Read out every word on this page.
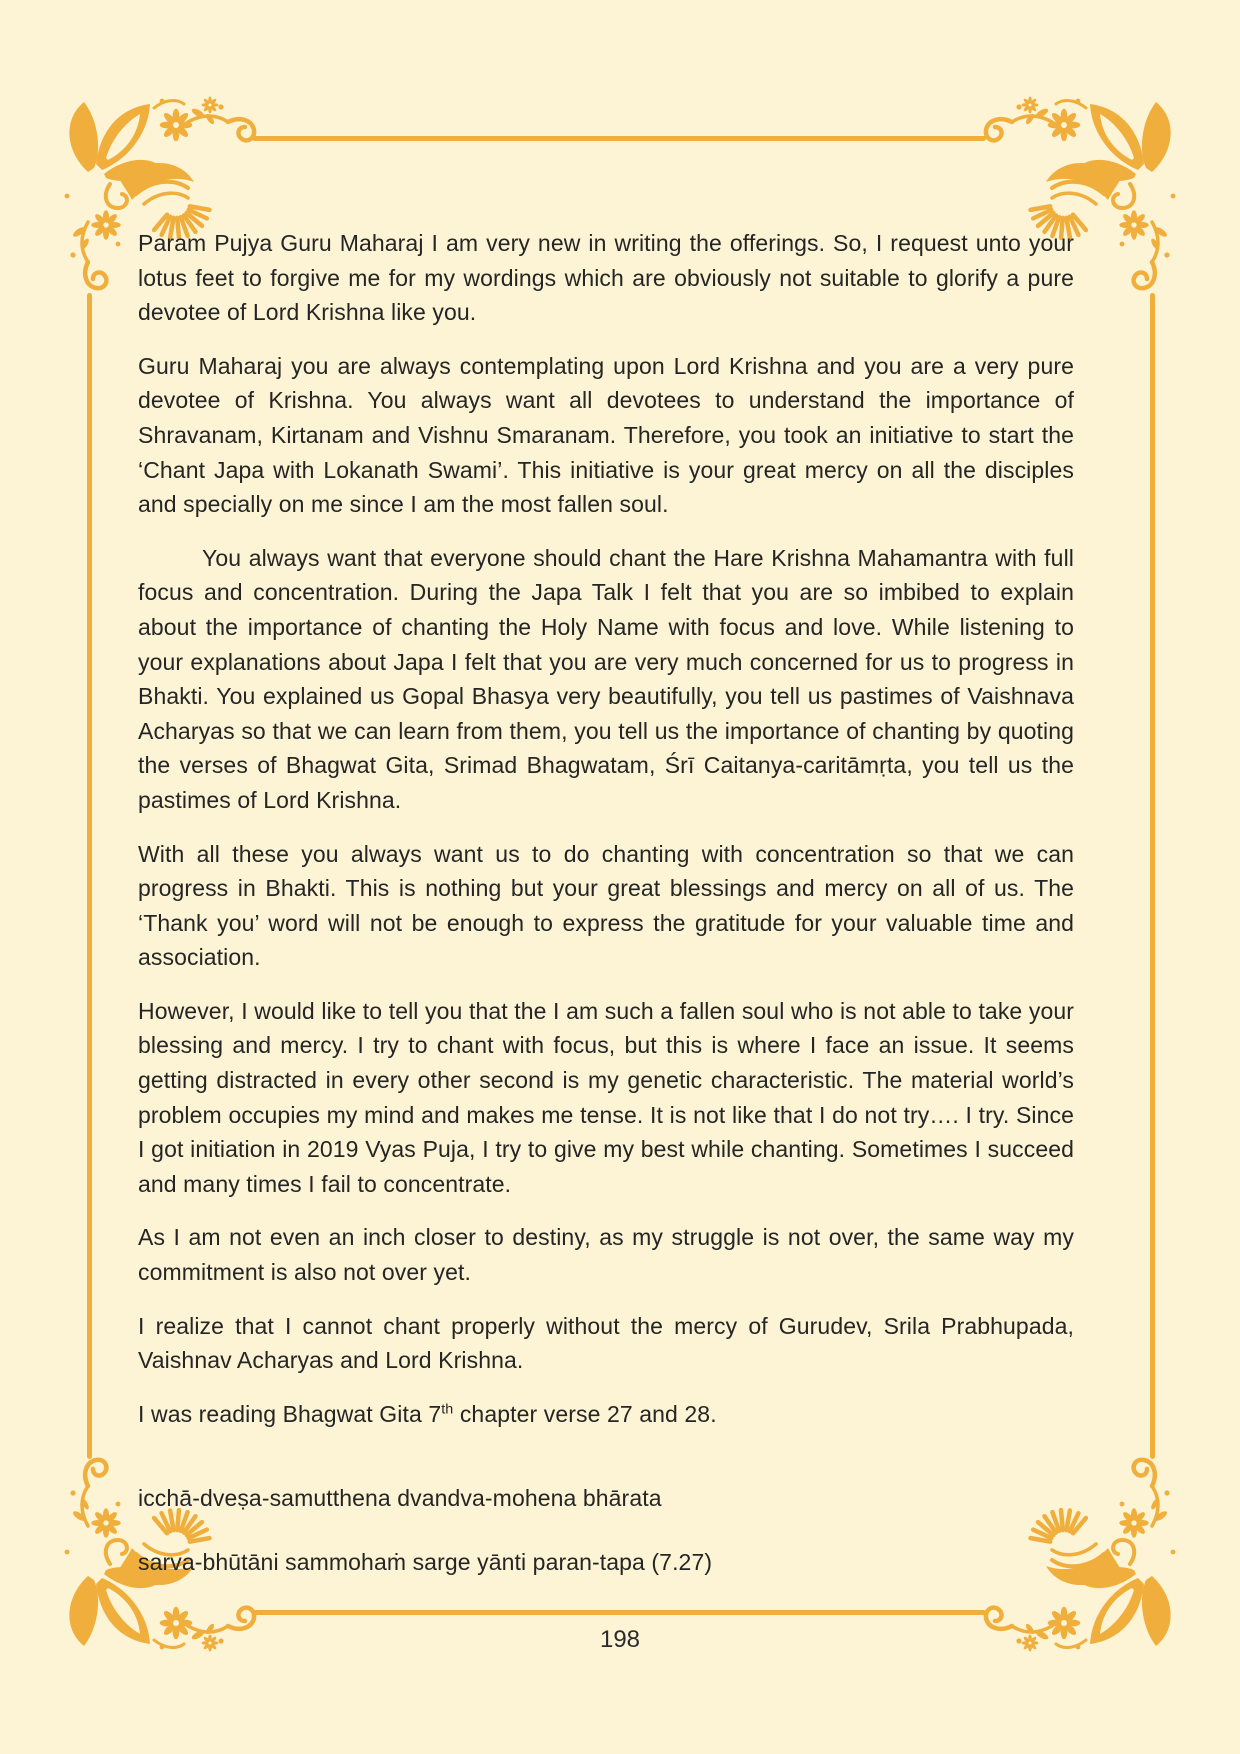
Param Pujya Guru Maharaj I am very new in writing the offerings. So, I request unto your lotus feet to forgive me for my wordings which are obviously not suitable to glorify a pure devotee of Lord Krishna like you.

Guru Maharaj you are always contemplating upon Lord Krishna and you are a very pure devotee of Krishna. You always want all devotees to understand the importance of Shravanam, Kirtanam and Vishnu Smaranam. Therefore, you took an initiative to start the ‘Chant Japa with Lokanath Swami’. This initiative is your great mercy on all the disciples and specially on me since I am the most fallen soul.

You always want that everyone should chant the Hare Krishna Mahamantra with full focus and concentration. During the Japa Talk I felt that you are so imbibed to explain about the importance of chanting the Holy Name with focus and love. While listening to your explanations about Japa I felt that you are very much concerned for us to progress in Bhakti. You explained us Gopal Bhasya very beautifully, you tell us pastimes of Vaishnava Acharyas so that we can learn from them, you tell us the importance of chanting by quoting the verses of Bhagwat Gita, Srimad Bhagwatam, Śrī Caitanya-caritāmṛta, you tell us the pastimes of Lord Krishna.

With all these you always want us to do chanting with concentration so that we can progress in Bhakti. This is nothing but your great blessings and mercy on all of us. The ‘Thank you’ word will not be enough to express the gratitude for your valuable time and association.

However, I would like to tell you that the I am such a fallen soul who is not able to take your blessing and mercy. I try to chant with focus, but this is where I face an issue. It seems getting distracted in every other second is my genetic characteristic. The material world’s problem occupies my mind and makes me tense. It is not like that I do not try…. I try. Since I got initiation in 2019 Vyas Puja, I try to give my best while chanting. Sometimes I succeed and many times I fail to concentrate.

As I am not even an inch closer to destiny, as my struggle is not over, the same way my commitment is also not over yet.

I realize that I cannot chant properly without the mercy of Gurudev, Srila Prabhupada, Vaishnav Acharyas and Lord Krishna.

I was reading Bhagwat Gita 7th chapter verse 27 and 28.

icchā-dveṣa-samutthena dvandva-mohena bhārata

sarva-bhūtāni sammohaṁ sarge yānti paran-tapa (7.27)

198
